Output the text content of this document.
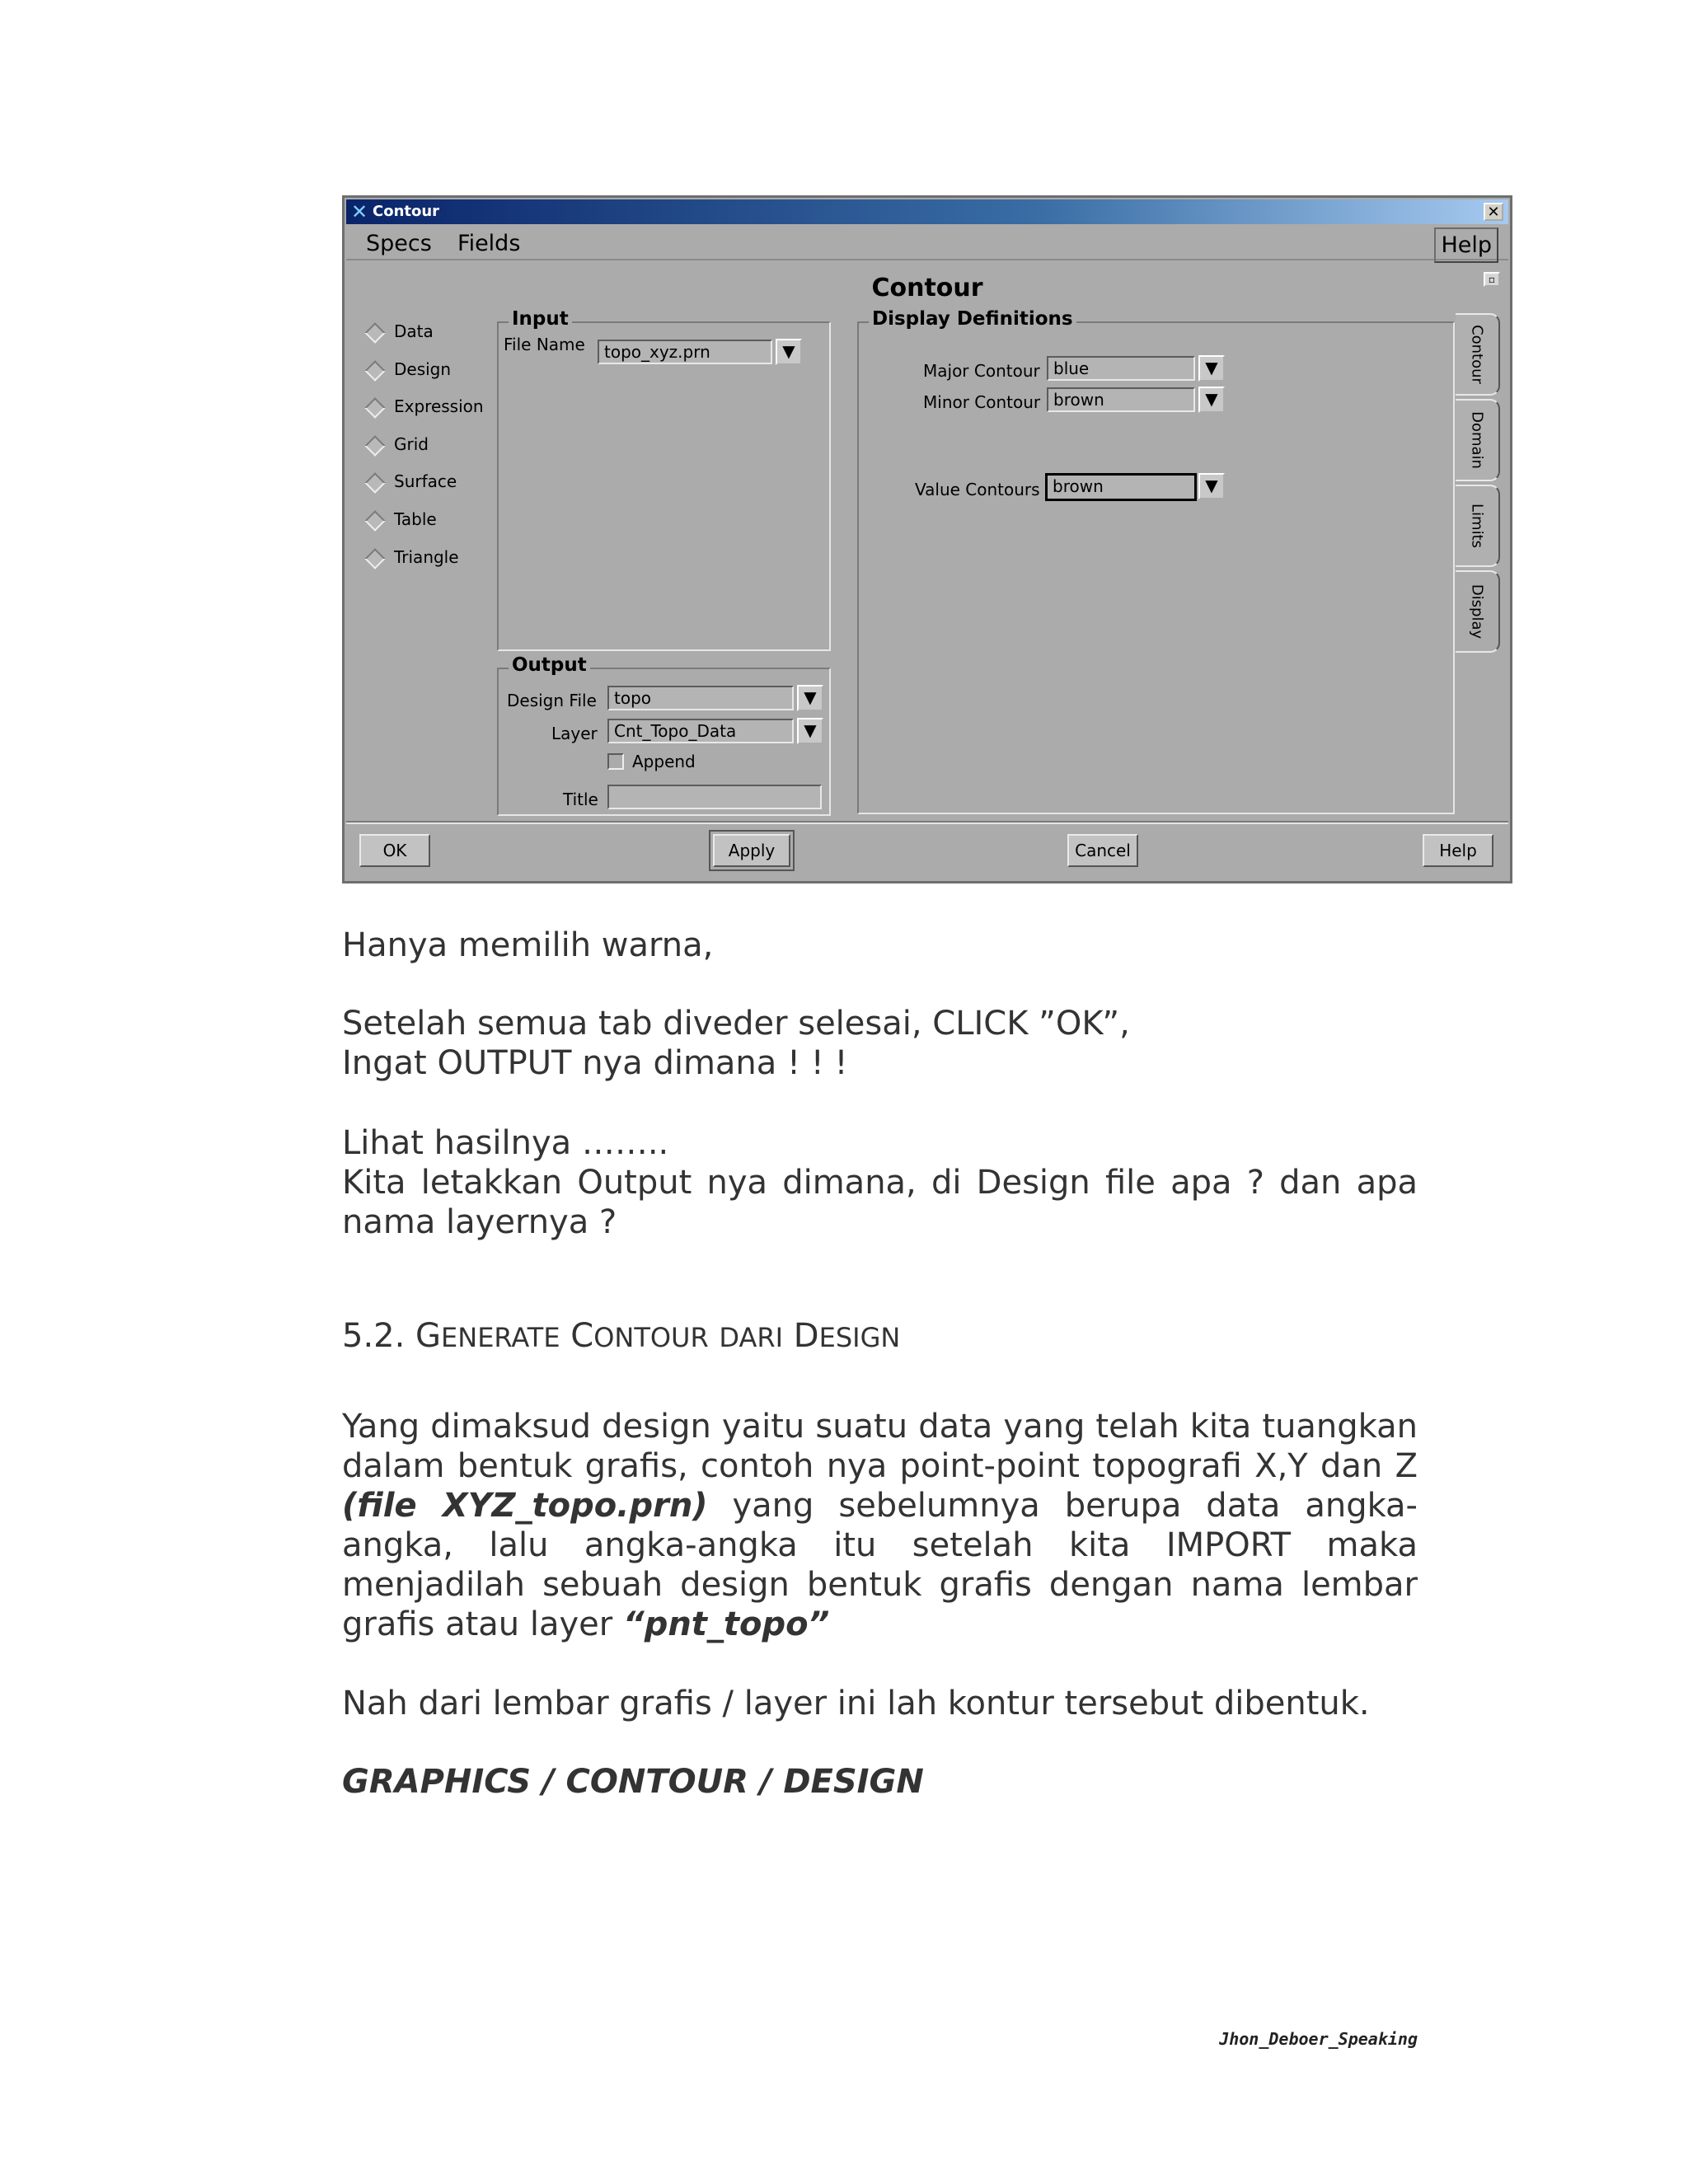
✕ Contour	✕
Specs Fields	Help
Contour	▫
Data
Design
Expression
Grid
Surface
Table
Triangle
Input
File Name	topo_xyz.prn	▼
Output
Design File	topo	▼
Layer	Cnt_Topo_Data	▼
Append
Title
Display Definitions
Major Contour blue	▼
Minor Contour brown	▼
Value Contours brown	▼
Contour
Domain
Limits
Display
OK	Apply	Cancel	Help
Hanya memilih warna,
Setelah semua tab diveder selesai, CLICK ”OK”,
Ingat OUTPUT nya dimana ! ! !
Lihat hasilnya ……..
Kita letakkan Output nya dimana, di Design file apa ? dan apa nama layernya ?
5.2. GENERATE CONTOUR DARI DESIGN
Yang dimaksud design yaitu suatu data yang telah kita tuangkan dalam bentuk grafis, contoh nya point-point topografi X,Y dan Z (file XYZ_topo.prn) yang sebelumnya berupa data angka-angka, lalu angka-angka itu setelah kita IMPORT maka menjadilah sebuah design bentuk grafis dengan nama lembar grafis atau layer “pnt_topo”
Nah dari lembar grafis / layer ini lah kontur tersebut dibentuk.
GRAPHICS / CONTOUR / DESIGN
Jhon_Deboer_Speaking
